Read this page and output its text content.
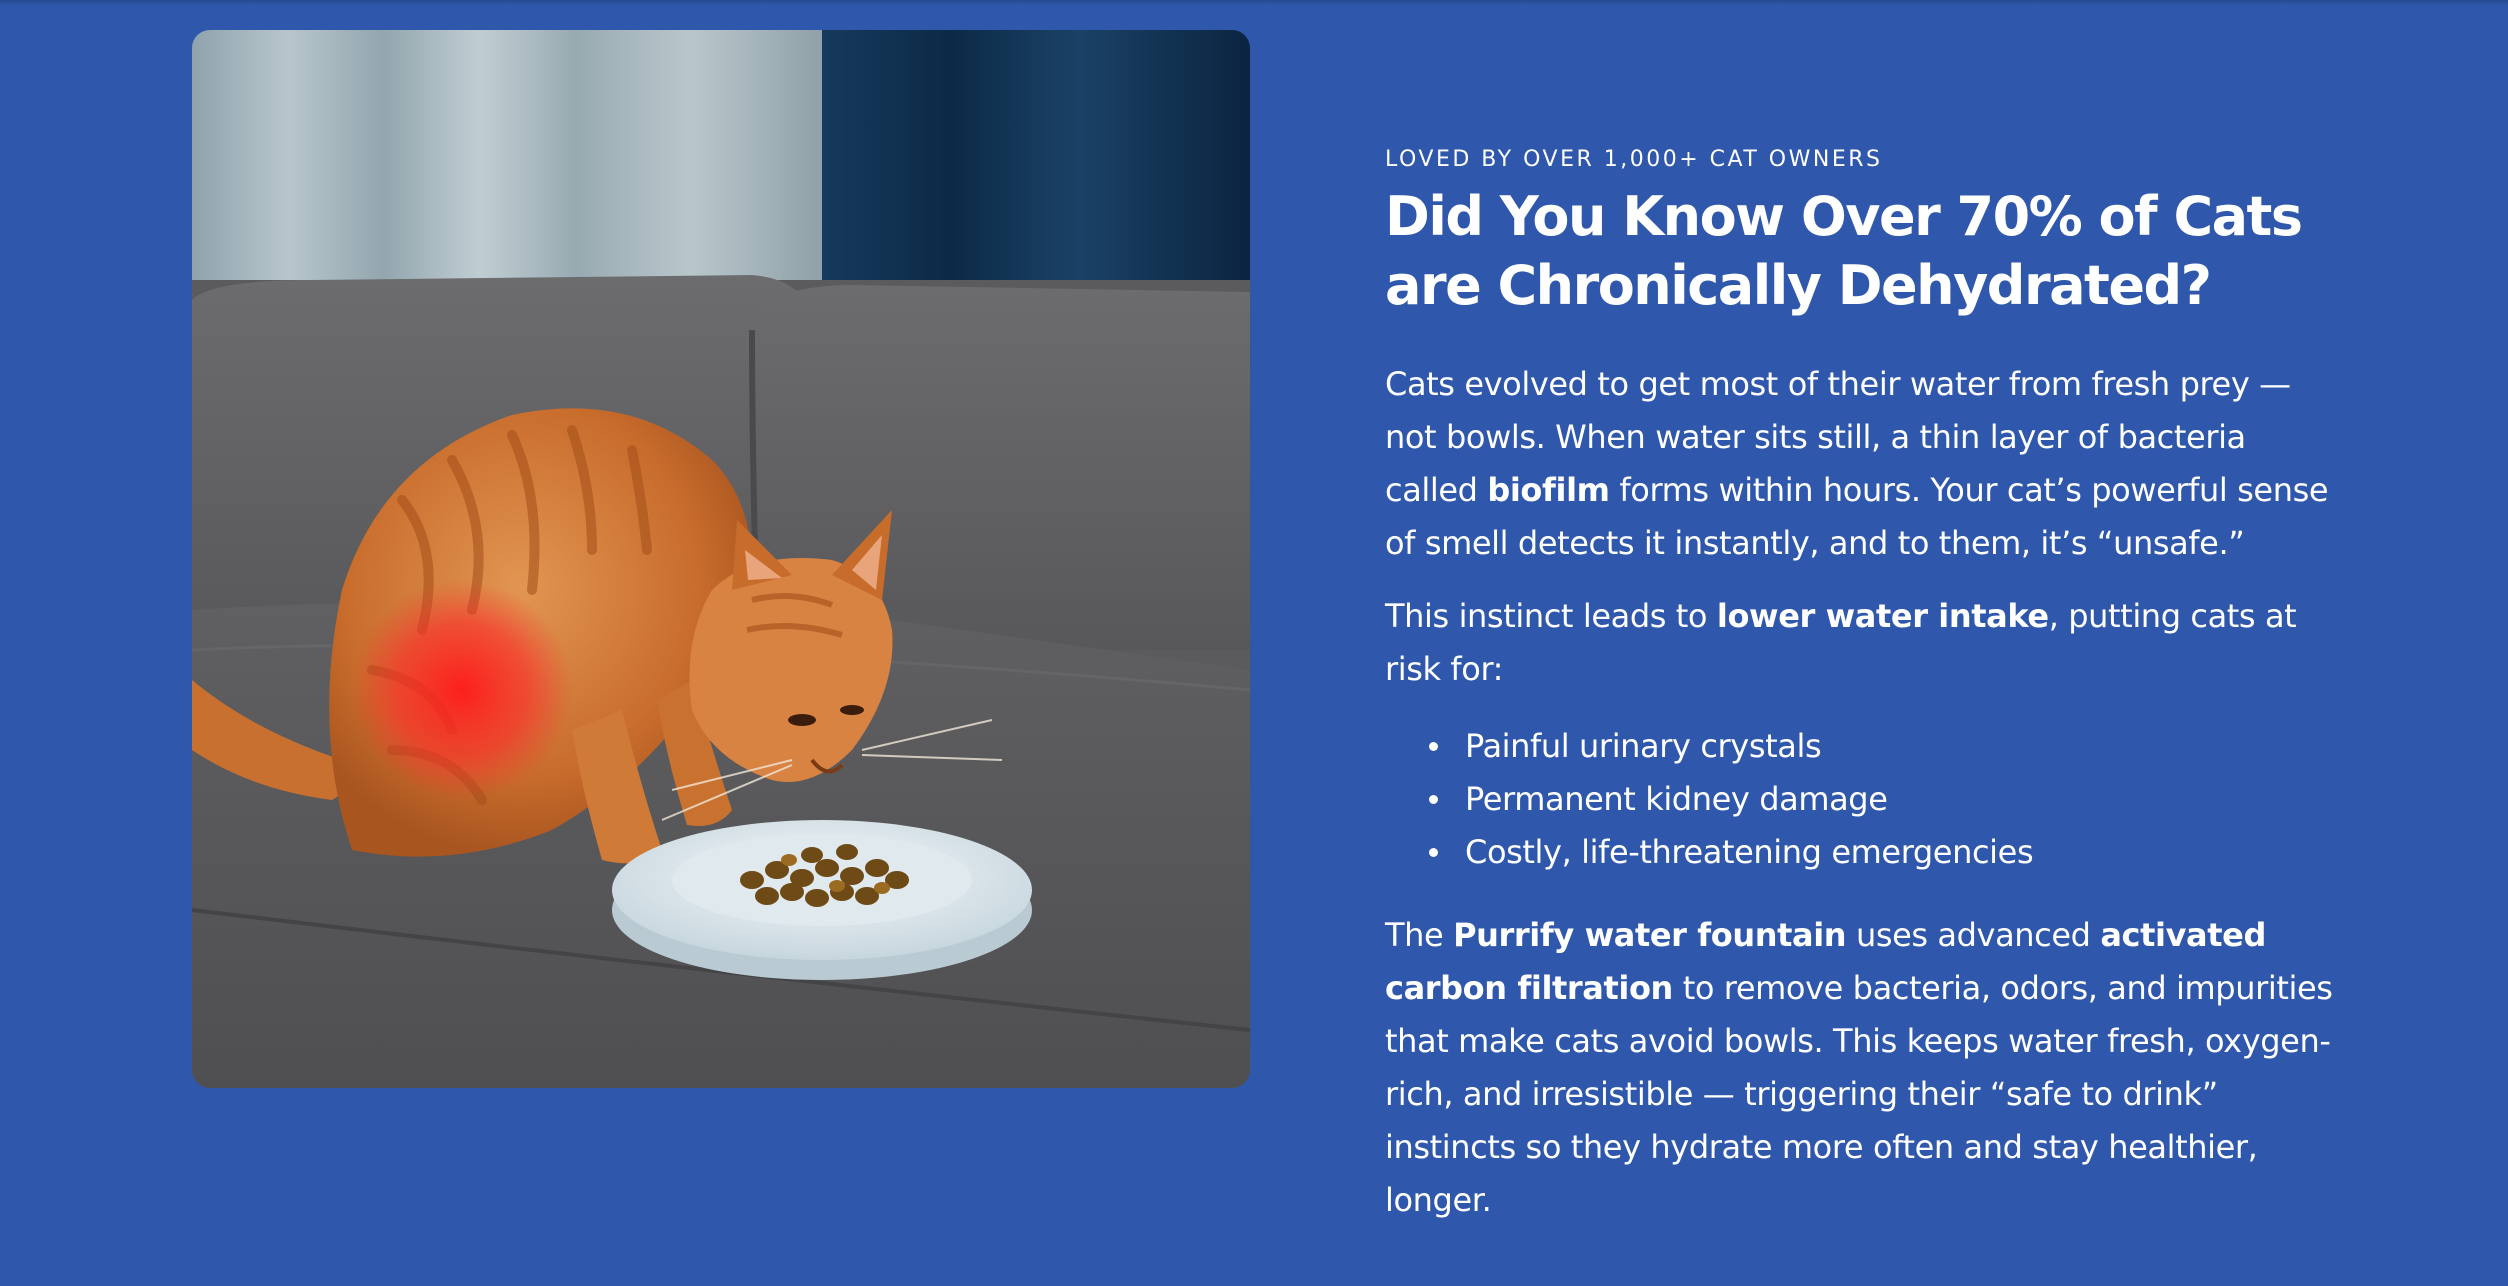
LOVED BY OVER 1,000+ CAT OWNERS
Did You Know Over 70% of Cats are Chronically Dehydrated?

Cats evolved to get most of their water from fresh prey — not bowls. When water sits still, a thin layer of bacteria called biofilm forms within hours. Your cat’s powerful sense of smell detects it instantly, and to them, it’s “unsafe.”

This instinct leads to lower water intake, putting cats at risk for:

Painful urinary crystals
Permanent kidney damage
Costly, life-threatening emergencies

The Purrify water fountain uses advanced activated carbon filtration to remove bacteria, odors, and impurities that make cats avoid bowls. This keeps water fresh, oxygen-rich, and irresistible — triggering their “safe to drink” instincts so they hydrate more often and stay healthier, longer.
